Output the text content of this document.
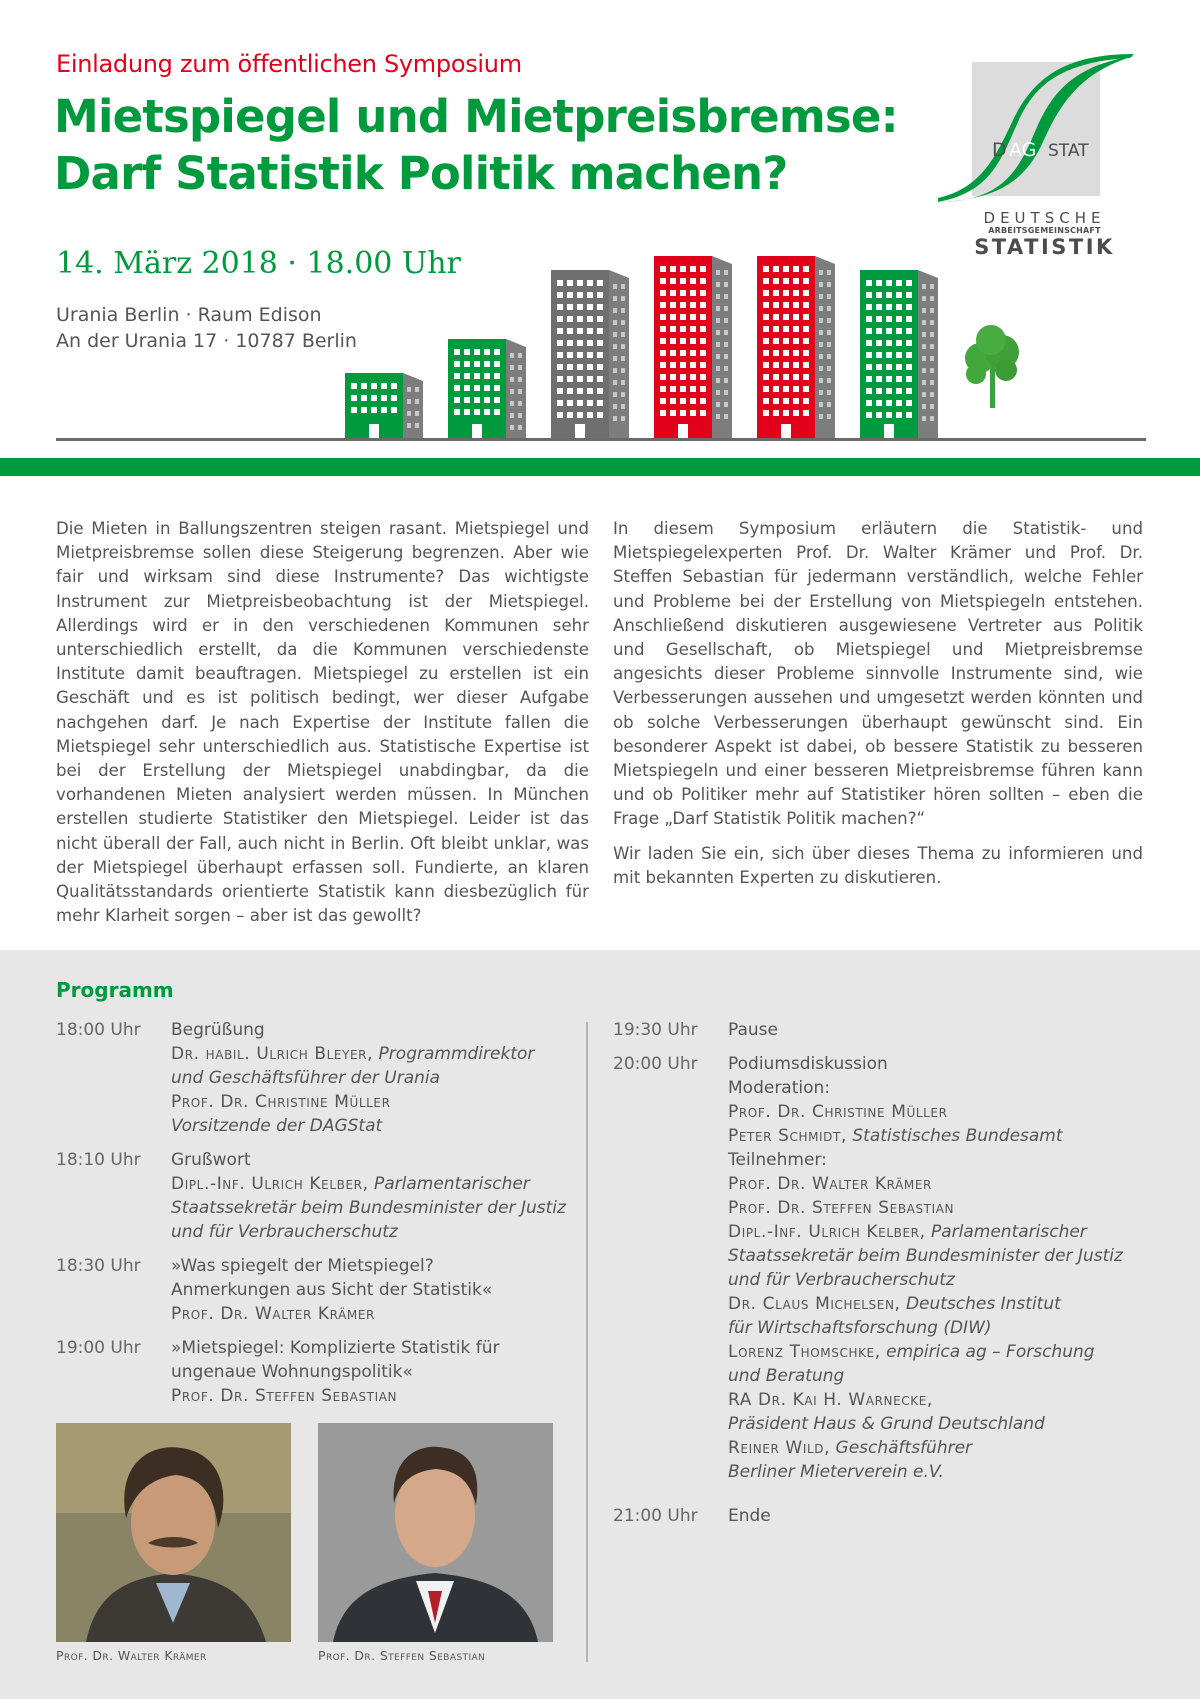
Einladung zum öffentlichen Symposium
Mietspiegel und Mietpreisbremse:
Darf Statistik Politik machen?
14. März 2018 · 18.00 Uhr
Urania Berlin · Raum Edison
An der Urania 17 · 10787 Berlin
D AG STAT
DEUTSCHE
ARBEITSGEMEINSCHAFT
STATISTIK

Die Mieten in Ballungszentren steigen rasant. Mietspiegel und Mietpreisbremse sollen diese Steigerung begrenzen. Aber wie fair und wirksam sind diese Instrumente? Das wichtigste Instrument zur Mietpreisbeobachtung ist der Mietspiegel. Allerdings wird er in den verschiedenen Kommunen sehr unterschiedlich erstellt, da die Kommunen verschiedenste Institute damit beauftragen. Mietspiegel zu erstellen ist ein Geschäft und es ist politisch bedingt, wer dieser Aufgabe nachgehen darf. Je nach Expertise der Institute fallen die Mietspiegel sehr unterschiedlich aus. Statistische Expertise ist bei der Erstellung der Mietspiegel unabdingbar, da die vorhandenen Mieten analysiert werden müssen. In München erstellen studierte Statistiker den Mietspiegel. Leider ist das nicht überall der Fall, auch nicht in Berlin. Oft bleibt unklar, was der Mietspiegel überhaupt erfassen soll. Fundierte, an klaren Qualitätsstandards orientierte Statistik kann diesbezüglich für mehr Klarheit sorgen – aber ist das gewollt?

In diesem Symposium erläutern die Statistik- und Mietspiegelexperten Prof. Dr. Walter Krämer und Prof. Dr. Steffen Sebastian für jedermann verständlich, welche Fehler und Probleme bei der Erstellung von Mietspiegeln entstehen. Anschließend diskutieren ausgewiesene Vertreter aus Politik und Gesellschaft, ob Mietspiegel und Mietpreisbremse angesichts dieser Probleme sinnvolle Instrumente sind, wie Verbesserungen aussehen und umgesetzt werden könnten und ob solche Verbesserungen überhaupt gewünscht sind. Ein besonderer Aspekt ist dabei, ob bessere Statistik zu besseren Mietspiegeln und einer besseren Mietpreisbremse führen kann und ob Politiker mehr auf Statistiker hören sollten – eben die Frage „Darf Statistik Politik machen?“

Wir laden Sie ein, sich über dieses Thema zu informieren und mit bekannten Experten zu diskutieren.

Programm
18:00 Uhr	Begrüßung
Dr. habil. Ulrich Bleyer, Programmdirektor
und Geschäftsführer der Urania
Prof. Dr. Christine Müller
Vorsitzende der DAGStat
18:10 Uhr	Grußwort
Dipl.-Inf. Ulrich Kelber, Parlamentarischer
Staatssekretär beim Bundesminister der Justiz
und für Verbraucherschutz
18:30 Uhr	»Was spiegelt der Mietspiegel?
Anmerkungen aus Sicht der Statistik«
Prof. Dr. Walter Krämer
19:00 Uhr	»Mietspiegel: Komplizierte Statistik für
ungenaue Wohnungspolitik«
Prof. Dr. Steffen Sebastian
19:30 Uhr	Pause
20:00 Uhr	Podiumsdiskussion
Moderation:
Prof. Dr. Christine Müller
Peter Schmidt, Statistisches Bundesamt
Teilnehmer:
Prof. Dr. Walter Krämer
Prof. Dr. Steffen Sebastian
Dipl.-Inf. Ulrich Kelber, Parlamentarischer
Staatssekretär beim Bundesminister der Justiz
und für Verbraucherschutz
Dr. Claus Michelsen, Deutsches Institut
für Wirtschaftsforschung (DIW)
Lorenz Thomschke, empirica ag – Forschung
und Beratung
RA Dr. Kai H. Warnecke,
Präsident Haus & Grund Deutschland
Reiner Wild, Geschäftsführer
Berliner Mieterverein e.V.
21:00 Uhr	Ende
Prof. Dr. Walter Krämer	Prof. Dr. Steffen Sebastian
